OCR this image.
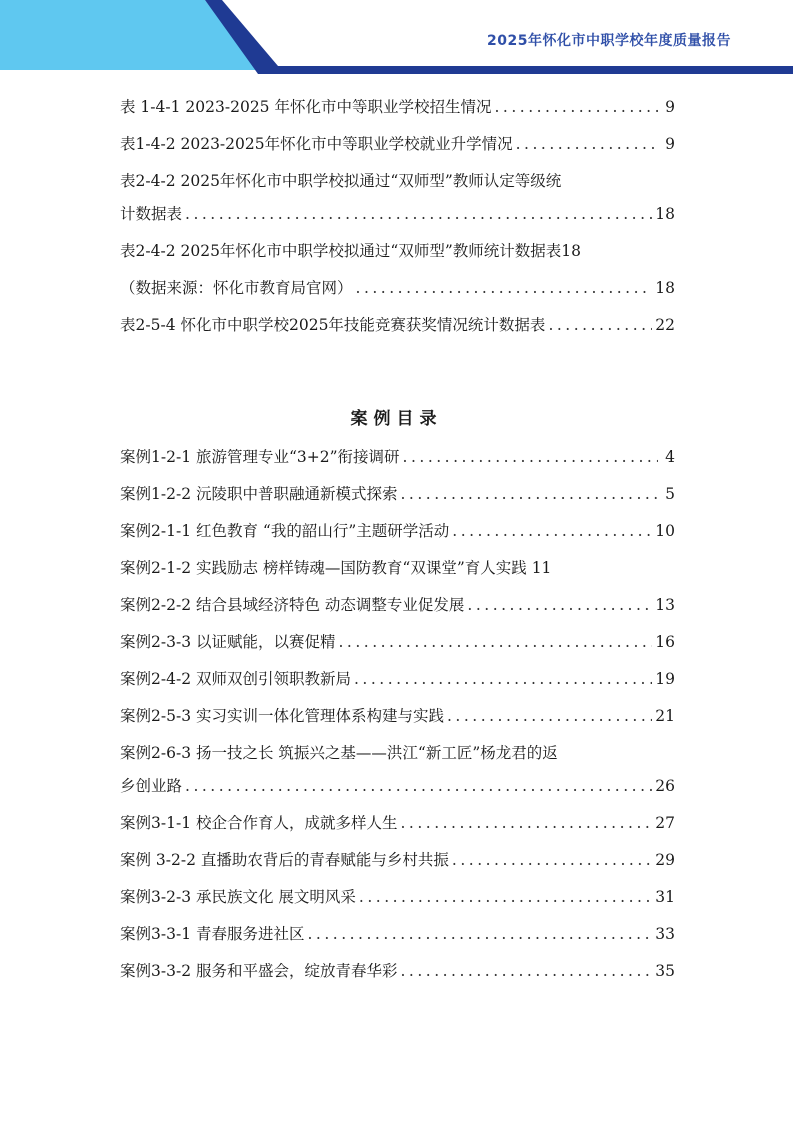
2025年怀化市中职学校年度质量报告
表 1-4-1 2023-2025 年怀化市中等职业学校招生情况 .....	9
表1-4-2 2023-2025年怀化市中等职业学校就业升学情况 .....	9
表2-4-2 2025年怀化市中职学校拟通过“双师型”教师认定等级统
计数据表 .....	18
表2-4-2 2025年怀化市中职学校拟通过“双师型”教师统计数据表18
（数据来源：怀化市教育局官网） .....	18
表2-5-4 怀化市中职学校2025年技能竞赛获奖情况统计数据表 .....	22
案例目录
案例1-2-1 旅游管理专业“3+2”衔接调研 .....	4
案例1-2-2 沅陵职中普职融通新模式探索 .....	5
案例2-1-1 红色教育 “我的韶山行”主题研学活动 .....	10
案例2-1-2 实践励志 榜样铸魂—国防教育“双课堂”育人实践 11
案例2-2-2 结合县域经济特色 动态调整专业促发展 .....	13
案例2-3-3 以证赋能，以赛促精 .....	16
案例2-4-2 双师双创引领职教新局 .....	19
案例2-5-3 实习实训一体化管理体系构建与实践 .....	21
案例2-6-3 扬一技之长 筑振兴之基——洪江“新工匠”杨龙君的返
乡创业路 .....	26
案例3-1-1 校企合作育人，成就多样人生 .....	27
案例 3-2-2 直播助农背后的青春赋能与乡村共振 .....	29
案例3-2-3 承民族文化 展文明风采 .....	31
案例3-3-1 青春服务进社区 .....	33
案例3-3-2 服务和平盛会，绽放青春华彩 .....	35
